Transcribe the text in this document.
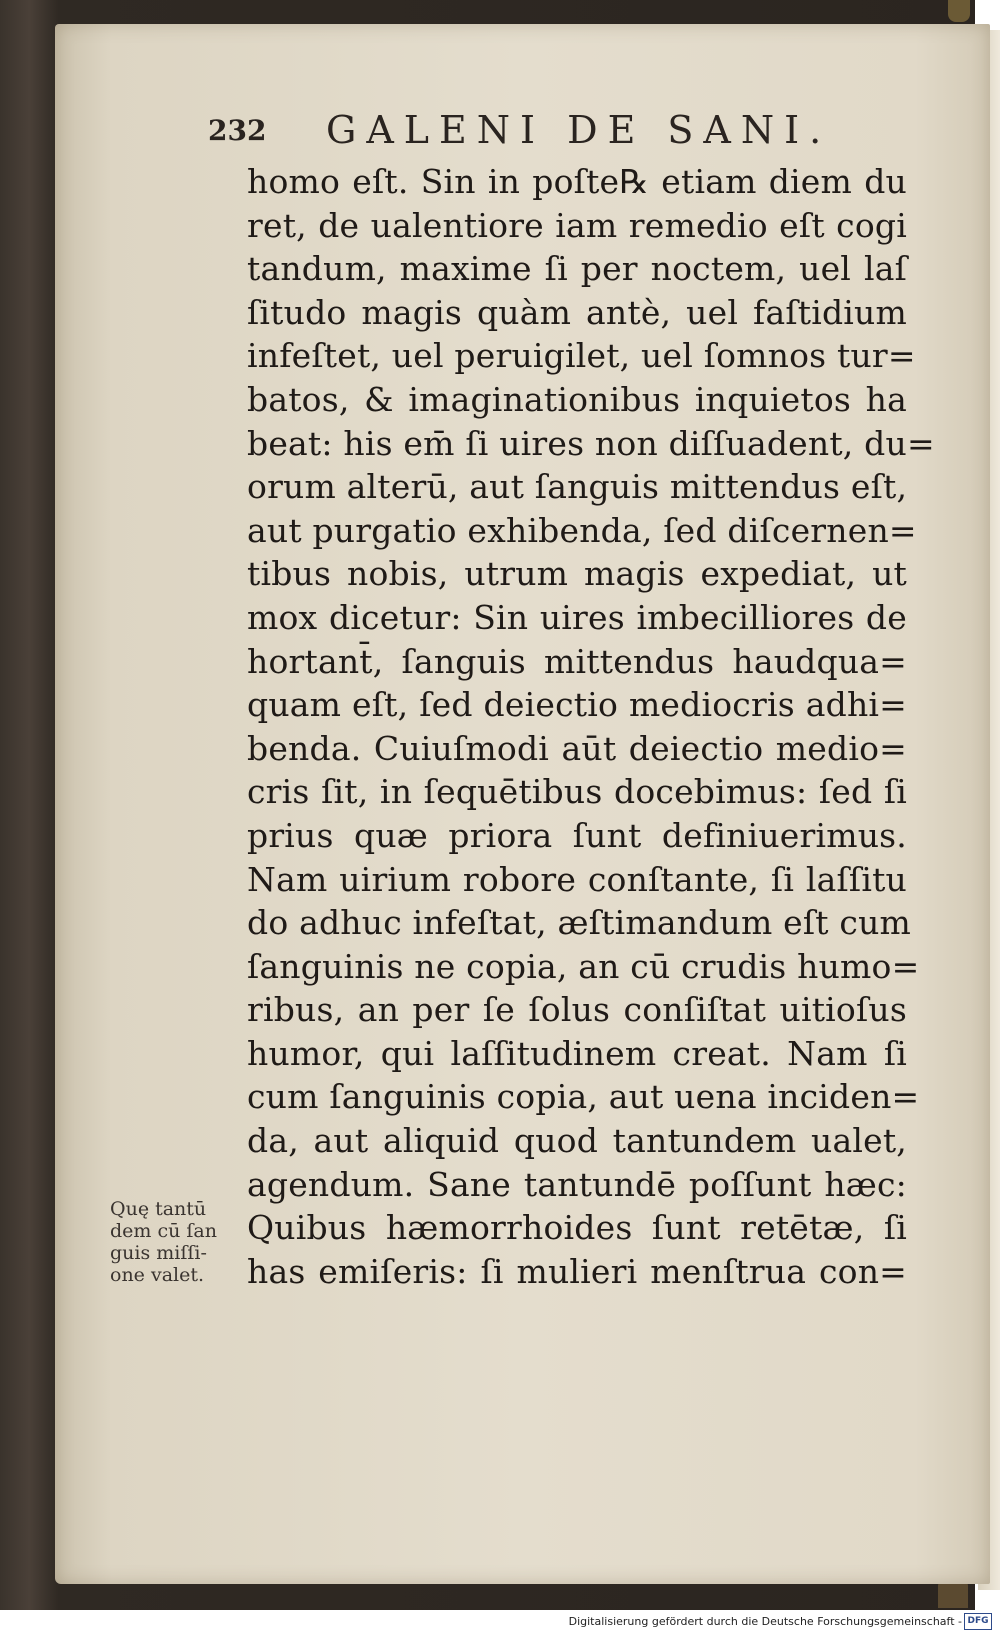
232 GALENI DE SANI.
homo eſt. Sin in poſte℞ etiam diem du
ret, de ualentiore iam remedio eſt cogi
tandum, maxime ſi per noctem, uel laſ
ſitudo magis quàm antè, uel faſtidium
infeſtet, uel peruigilet, uel ſomnos tur=
batos, & imaginationibus inquietos ha
beat: his em̄ ſi uires non diſſuadent, du=
orum alterū, aut ſanguis mittendus eſt,
aut purgatio exhibenda, ſed diſcernen=
tibus nobis, utrum magis expediat, ut
mox dicetur: Sin uires imbecilliores de
hortant̄, ſanguis mittendus haudqua=
quam eſt, ſed deiectio mediocris adhi=
benda. Cuiuſmodi aūt deiectio medio=
cris ſit, in ſequētibus docebimus: ſed ſi
prius quæ priora ſunt definiuerimus.
Nam uirium robore conſtante, ſi laſſitu
do adhuc infeſtat, æſtimandum eſt cum
ſanguinis ne copia, an cū crudis humo=
ribus, an per ſe ſolus conſiſtat uitioſus
humor, qui laſſitudinem creat. Nam ſi
cum ſanguinis copia, aut uena inciden=
da, aut aliquid quod tantundem ualet,
agendum. Sane tantundē poſſunt hæc:
Quibus hæmorrhoides ſunt retētæ, ſi
has emiſeris: ſi mulieri menſtrua con=
Quę tantū
dem cū ſan
guis miſſi-
one valet.
Digitalisierung gefördert durch die Deutsche Forschungsgemeinschaft - DFG
